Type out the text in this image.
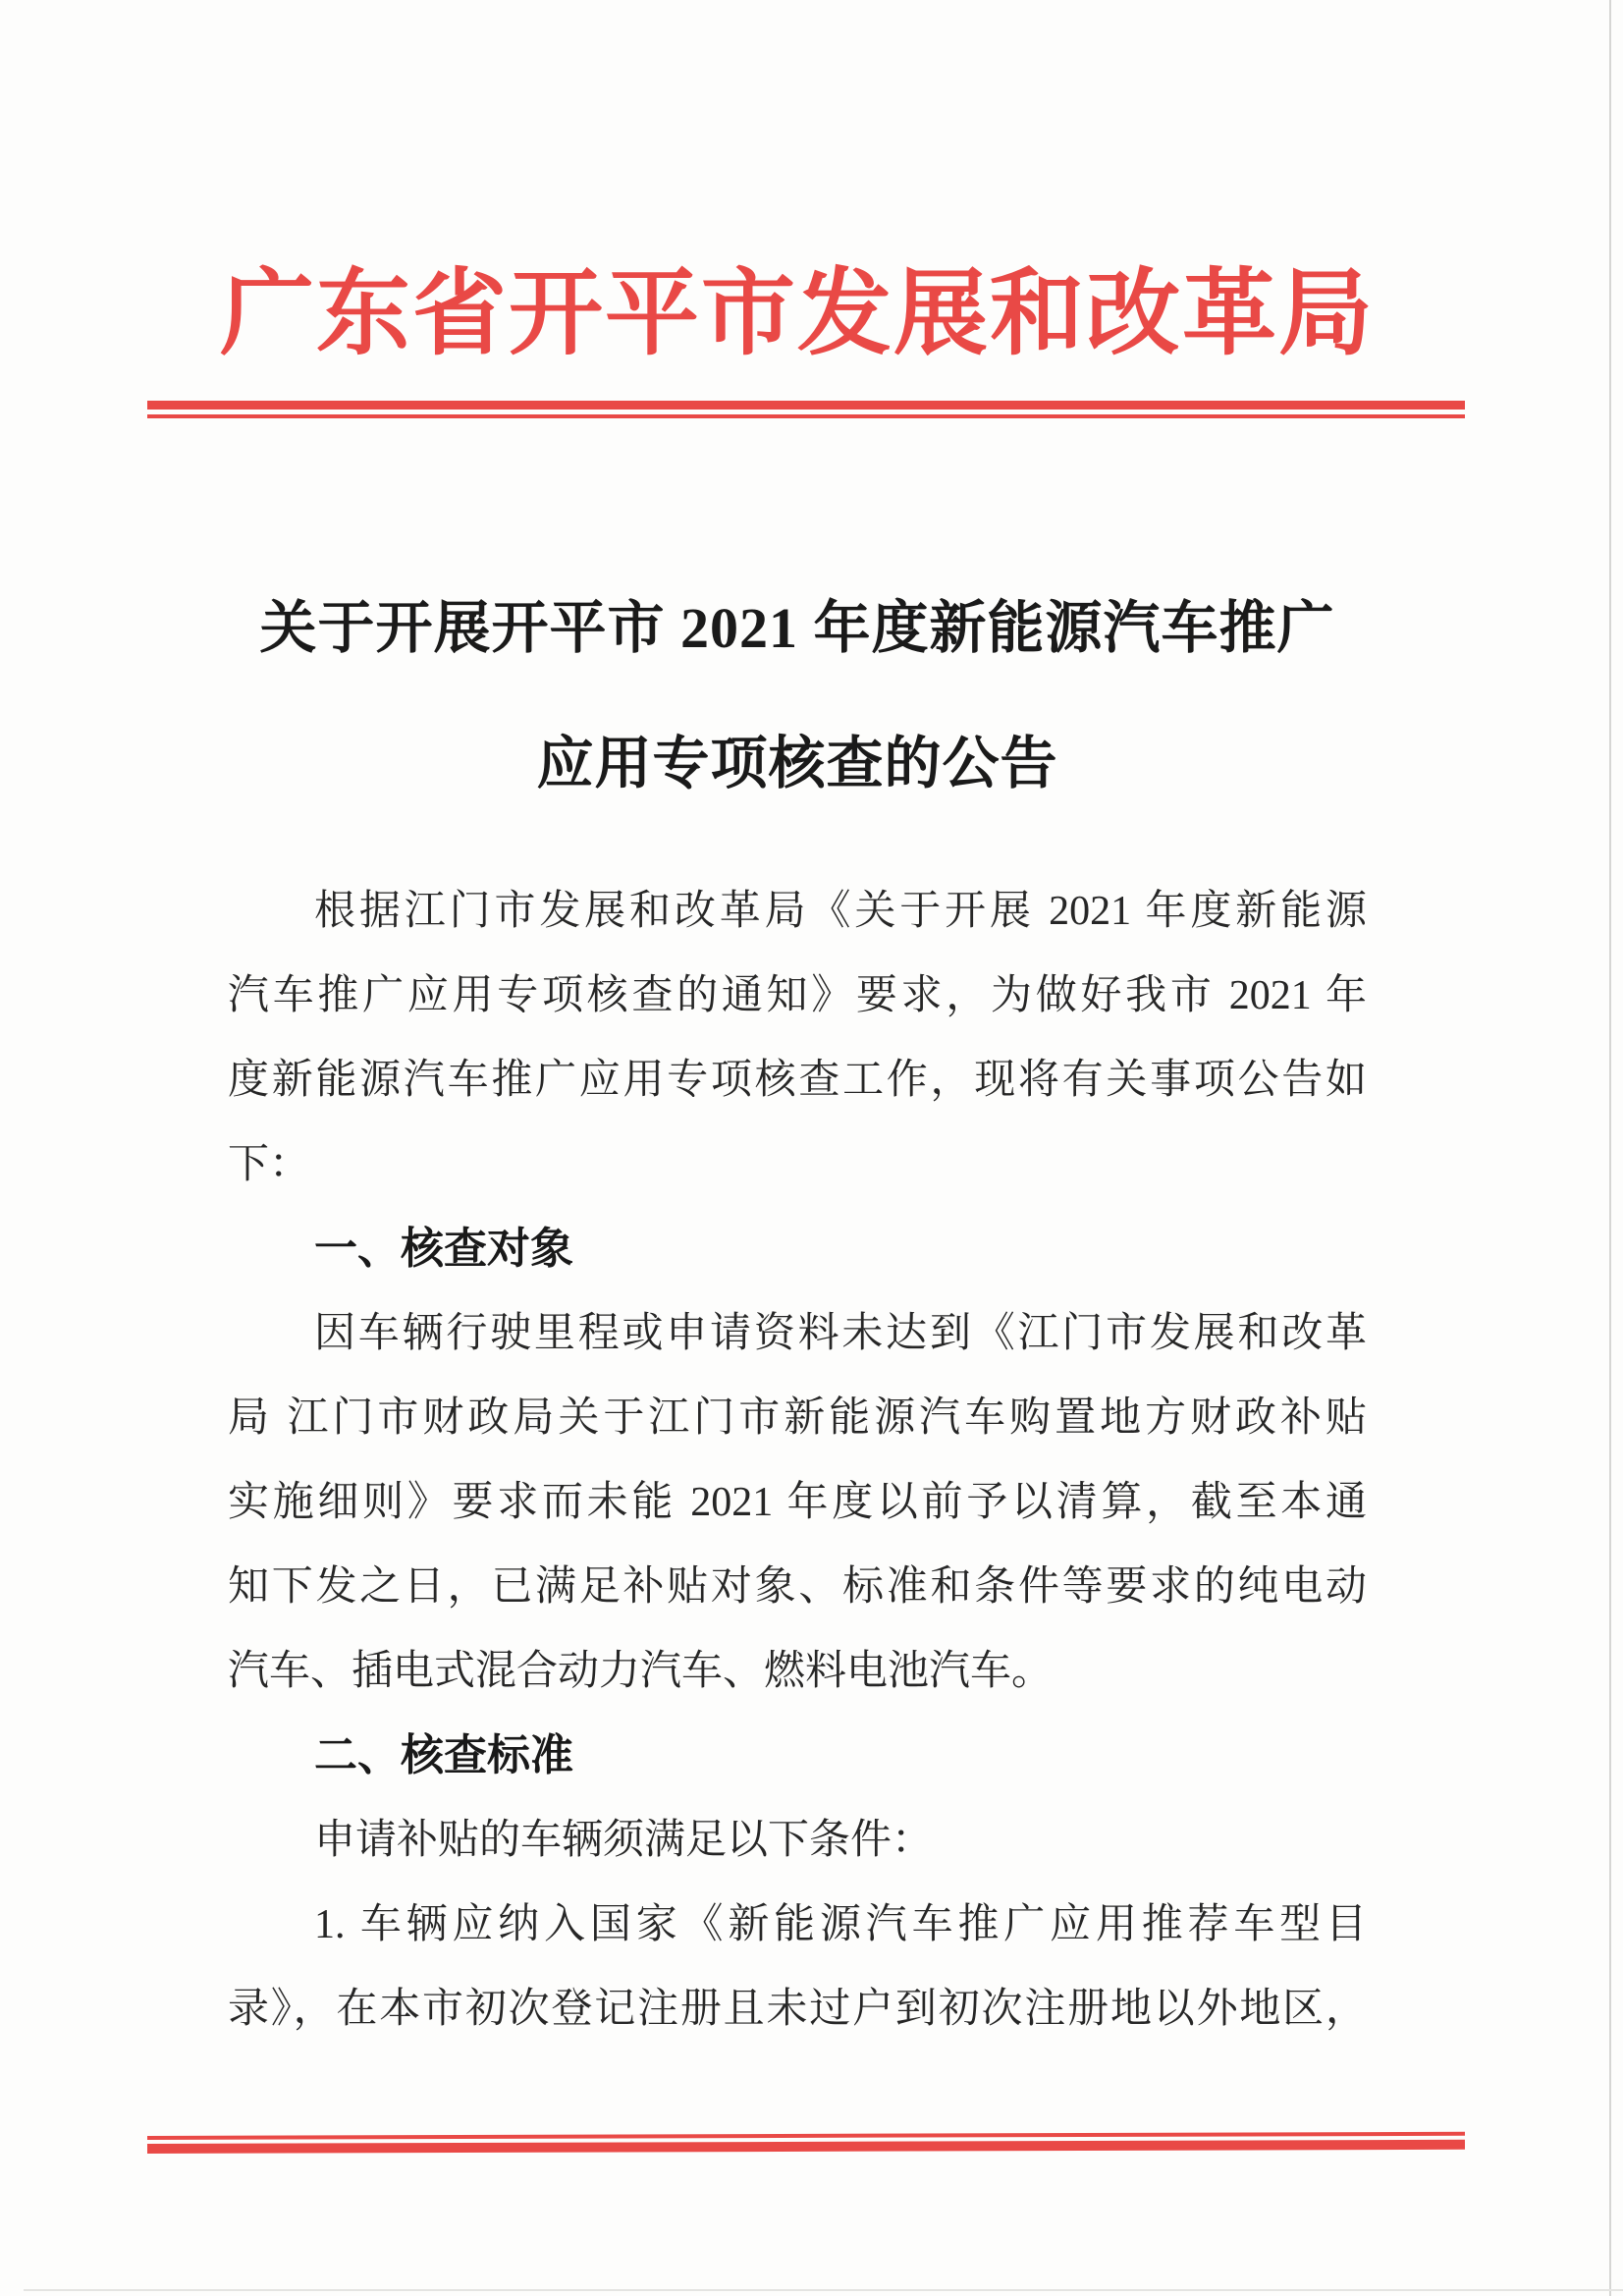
广东省开平市发展和改革局
关于开展开平市 2021 年度新能源汽车推广
应用专项核查的公告
根据江门市发展和改革局《关于开展 2021 年度新能源
汽车推广应用专项核查的通知》要求，为做好我市 2021 年
度新能源汽车推广应用专项核查工作，现将有关事项公告如
下：
一、核查对象
因车辆行驶里程或申请资料未达到《江门市发展和改革
局 江门市财政局关于江门市新能源汽车购置地方财政补贴
实施细则》要求而未能 2021 年度以前予以清算，截至本通
知下发之日，已满足补贴对象、标准和条件等要求的纯电动
汽车、插电式混合动力汽车、燃料电池汽车。
二、核查标准
申请补贴的车辆须满足以下条件：
1. 车辆应纳入国家《新能源汽车推广应用推荐车型目
录》，在本市初次登记注册且未过户到初次注册地以外地区，
